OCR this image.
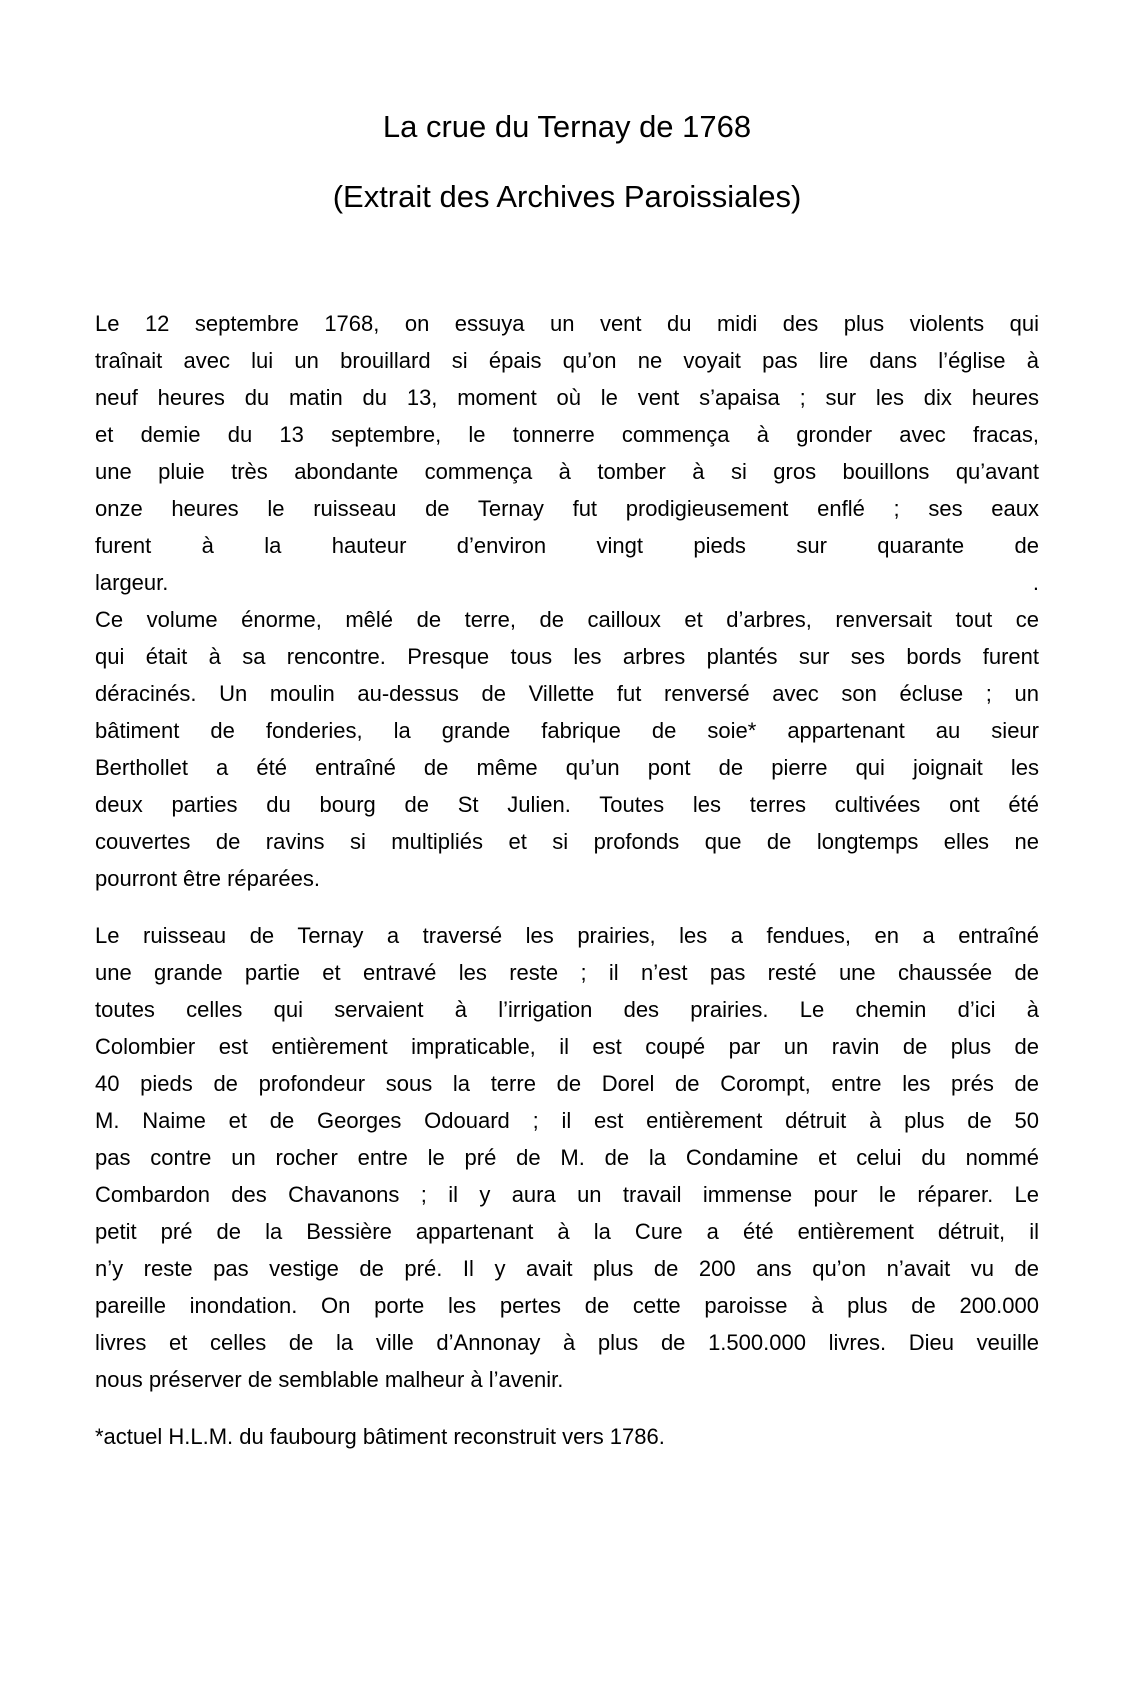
La crue du Ternay de 1768
(Extrait des Archives Paroissiales)
Le 12 septembre 1768, on essuya un vent du midi des plus violents qui
traînait avec lui un brouillard si épais qu’on ne voyait pas lire dans l’église à
neuf heures du matin du 13, moment où le vent s’apaisa ; sur les dix heures
et demie du 13 septembre, le tonnerre commença à gronder avec fracas,
une pluie très abondante commença à tomber à si gros bouillons qu’avant
onze heures le ruisseau de Ternay fut prodigieusement enflé ; ses eaux
furent à la hauteur d’environ vingt pieds sur quarante de
largeur.	.
Ce volume énorme, mêlé de terre, de cailloux et d’arbres, renversait tout ce
qui était à sa rencontre. Presque tous les arbres plantés sur ses bords furent
déracinés. Un moulin au-dessus de Villette fut renversé avec son écluse ; un
bâtiment de fonderies, la grande fabrique de soie* appartenant au sieur
Berthollet a été entraîné de même qu’un pont de pierre qui joignait les
deux parties du bourg de St Julien. Toutes les terres cultivées ont été
couvertes de ravins si multipliés et si profonds que de longtemps elles ne
pourront être réparées.
Le ruisseau de Ternay a traversé les prairies, les a fendues, en a entraîné
une grande partie et entravé les reste ; il n’est pas resté une chaussée de
toutes celles qui servaient à l’irrigation des prairies. Le chemin d’ici à
Colombier est entièrement impraticable, il est coupé par un ravin de plus de
40 pieds de profondeur sous la terre de Dorel de Corompt, entre les prés de
M. Naime et de Georges Odouard ; il est entièrement détruit à plus de 50
pas contre un rocher entre le pré de M. de la Condamine et celui du nommé
Combardon des Chavanons ; il y aura un travail immense pour le réparer. Le
petit pré de la Bessière appartenant à la Cure a été entièrement détruit, il
n’y reste pas vestige de pré. Il y avait plus de 200 ans qu’on n’avait vu de
pareille inondation. On porte les pertes de cette paroisse à plus de 200.000
livres et celles de la ville d’Annonay à plus de 1.500.000 livres. Dieu veuille
nous préserver de semblable malheur à l’avenir.
*actuel H.L.M. du faubourg bâtiment reconstruit vers 1786.
